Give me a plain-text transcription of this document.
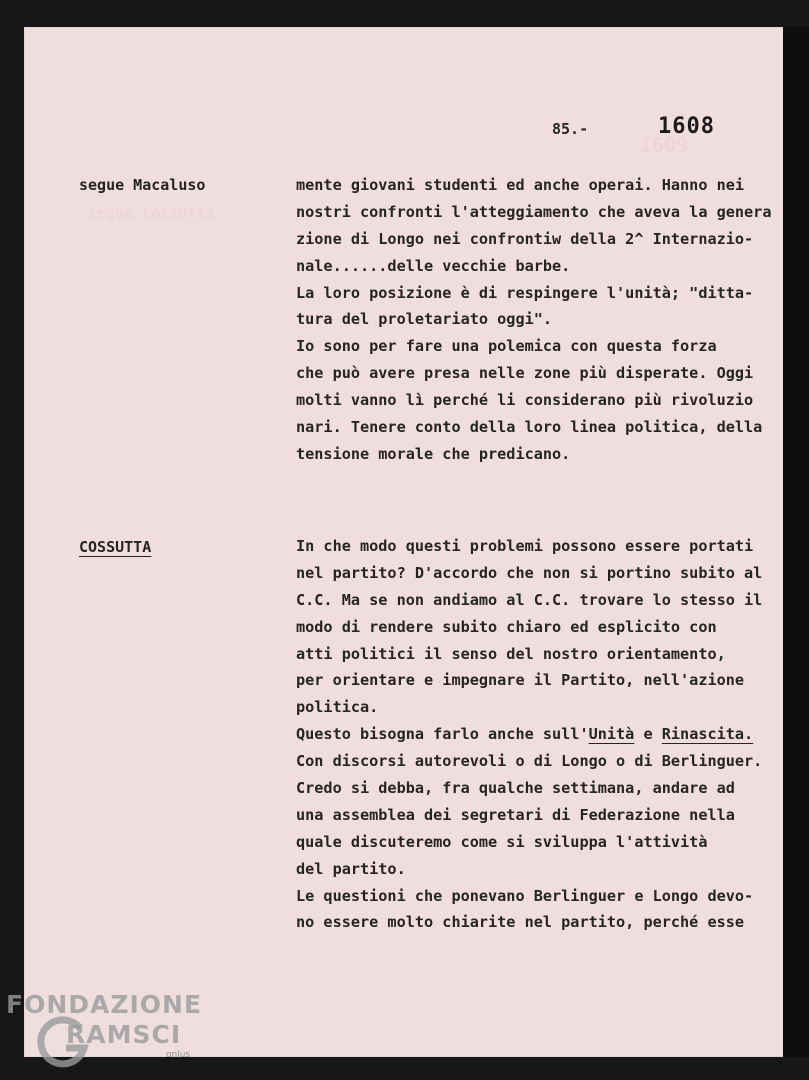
1609
segue Cossutta
85.-	1608
segue Macaluso	mente giovani studenti ed anche operai. Hanno nei
nostri confronti l'atteggiamento che aveva la genera
zione di Longo nei confrontiw della 2^ Internazio-
nale......delle vecchie barbe.
La loro posizione è di respingere l'unità; "ditta-
tura del proletariato oggi".
Io sono per fare una polemica con questa forza
che può avere presa nelle zone più disperate. Oggi
molti vanno lì perché li considerano più rivoluzio
nari. Tenere conto della loro linea politica, della
tensione morale che predicano.
COSSUTTA	In che modo questi problemi possono essere portati
nel partito? D'accordo che non si portino subito al
C.C. Ma se non andiamo al C.C. trovare lo stesso il
modo di rendere subito chiaro ed esplicito con
atti politici il senso del nostro orientamento,
per orientare e impegnare il Partito, nell'azione
politica.
Questo bisogna farlo anche sull'Unità e Rinascita.
Con discorsi autorevoli o di Longo o di Berlinguer.
Credo si debba, fra qualche settimana, andare ad
una assemblea dei segretari di Federazione nella
quale discuteremo come si sviluppa l'attività
del partito.
Le questioni che ponevano Berlinguer e Longo devo-
no essere molto chiarite nel partito, perché esse
FONDAZIONE
RAMSCI
onlus
